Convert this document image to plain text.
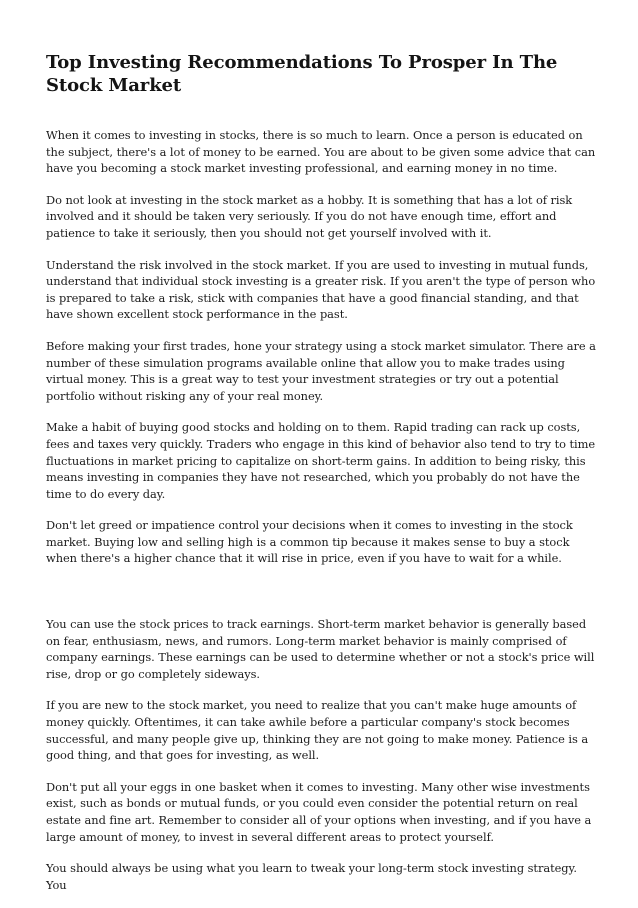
Top Investing Recommendations To Prosper In The Stock Market

When it comes to investing in stocks, there is so much to learn. Once a person is educated on the subject, there's a lot of money to be earned. You are about to be given some advice that can have you becoming a stock market investing professional, and earning money in no time.

Do not look at investing in the stock market as a hobby. It is something that has a lot of risk involved and it should be taken very seriously. If you do not have enough time, effort and patience to take it seriously, then you should not get yourself involved with it.

Understand the risk involved in the stock market. If you are used to investing in mutual funds, understand that individual stock investing is a greater risk. If you aren't the type of person who is prepared to take a risk, stick with companies that have a good financial standing, and that have shown excellent stock performance in the past.

Before making your first trades, hone your strategy using a stock market simulator. There are a number of these simulation programs available online that allow you to make trades using virtual money. This is a great way to test your investment strategies or try out a potential portfolio without risking any of your real money.

Make a habit of buying good stocks and holding on to them. Rapid trading can rack up costs, fees and taxes very quickly. Traders who engage in this kind of behavior also tend to try to time fluctuations in market pricing to capitalize on short-term gains. In addition to being risky, this means investing in companies they have not researched, which you probably do not have the time to do every day.

Don't let greed or impatience control your decisions when it comes to investing in the stock market. Buying low and selling high is a common tip because it makes sense to buy a stock when there's a higher chance that it will rise in price, even if you have to wait for a while.

You can use the stock prices to track earnings. Short-term market behavior is generally based on fear, enthusiasm, news, and rumors. Long-term market behavior is mainly comprised of company earnings. These earnings can be used to determine whether or not a stock's price will rise, drop or go completely sideways.

If you are new to the stock market, you need to realize that you can't make huge amounts of money quickly. Oftentimes, it can take awhile before a particular company's stock becomes successful, and many people give up, thinking they are not going to make money. Patience is a good thing, and that goes for investing, as well.

Don't put all your eggs in one basket when it comes to investing. Many other wise investments exist, such as bonds or mutual funds, or you could even consider the potential return on real estate and fine art. Remember to consider all of your options when investing, and if you have a large amount of money, to invest in several different areas to protect yourself.

You should always be using what you learn to tweak your long-term stock investing strategy. You
